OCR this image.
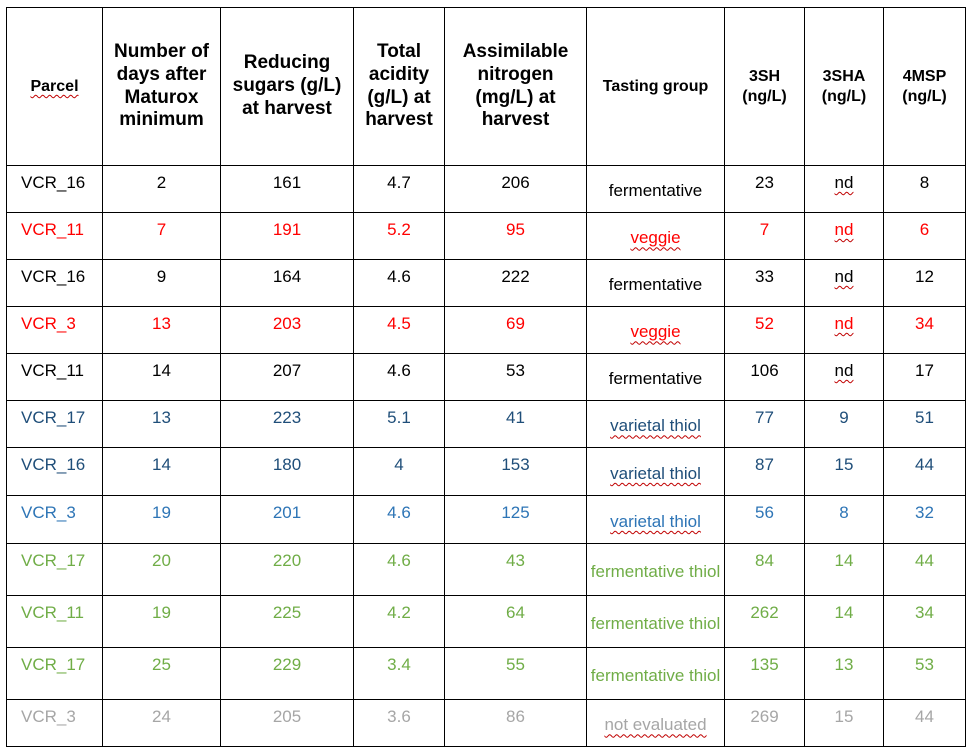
Parcel	Number of days after Maturox minimum	Reducing sugars (g/L) at harvest	Total acidity (g/L) at harvest	Assimilable nitrogen (mg/L) at harvest	Tasting group	3SH (ng/L)	3SHA (ng/L)	4MSP (ng/L)
VCR_16	2	161	4.7	206	fermentative	23	nd	8
VCR_11	7	191	5.2	95	veggie	7	nd	6
VCR_16	9	164	4.6	222	fermentative	33	nd	12
VCR_3	13	203	4.5	69	veggie	52	nd	34
VCR_11	14	207	4.6	53	fermentative	106	nd	17
VCR_17	13	223	5.1	41	varietal thiol	77	9	51
VCR_16	14	180	4	153	varietal thiol	87	15	44
VCR_3	19	201	4.6	125	varietal thiol	56	8	32
VCR_17	20	220	4.6	43	fermentative thiol	84	14	44
VCR_11	19	225	4.2	64	fermentative thiol	262	14	34
VCR_17	25	229	3.4	55	fermentative thiol	135	13	53
VCR_3	24	205	3.6	86	not evaluated	269	15	44
